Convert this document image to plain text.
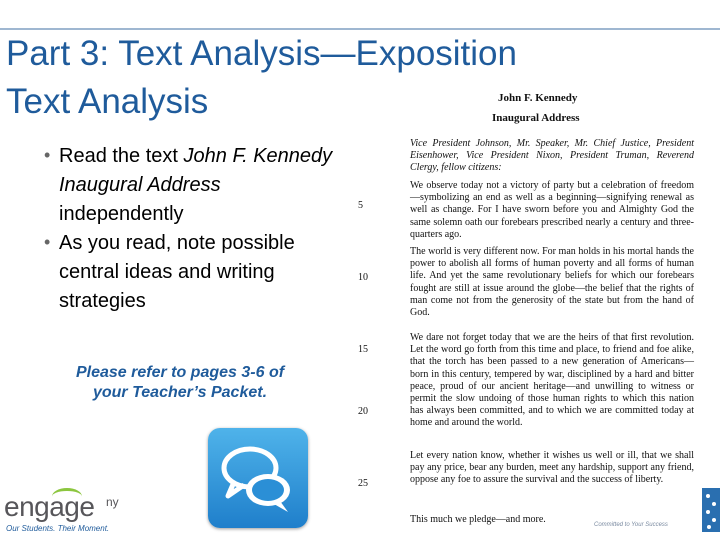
Part 3: Text Analysis—Exposition
Text Analysis
• Read the text John F. Kennedy Inaugural Address independently
• As you read, note possible central ideas and writing strategies
Please refer to pages 3-6 of
your Teacher’s Packet.
John F. Kennedy
Inaugural Address
Vice President Johnson, Mr. Speaker, Mr. Chief Justice, President Eisenhower, Vice President Nixon, President Truman, Reverend Clergy, fellow citizens:
We observe today not a victory of party but a celebration of freedom—symbolizing an end as well as a beginning—signifying renewal as well as change. For I have sworn before you and Almighty God the same solemn oath our forebears prescribed nearly a century and three-quarters ago.
The world is very different now. For man holds in his mortal hands the power to abolish all forms of human poverty and all forms of human life. And yet the same revolutionary beliefs for which our forebears fought are still at issue around the globe—the belief that the rights of man come not from the generosity of the state but from the hand of God.
We dare not forget today that we are the heirs of that first revolution. Let the word go forth from this time and place, to friend and foe alike, that the torch has been passed to a new generation of Americans—born in this century, tempered by war, disciplined by a hard and bitter peace, proud of our ancient heritage—and unwilling to witness or permit the slow undoing of those human rights to which this nation has always been committed, and to which we are committed today at home and around the world.
Let every nation know, whether it wishes us well or ill, that we shall pay any price, bear any burden, meet any hardship, support any friend, oppose any foe to assure the survival and the success of liberty.
This much we pledge—and more.
5
10
15
20
25
engage ny
Our Students. Their Moment.	Committed to Your Success
